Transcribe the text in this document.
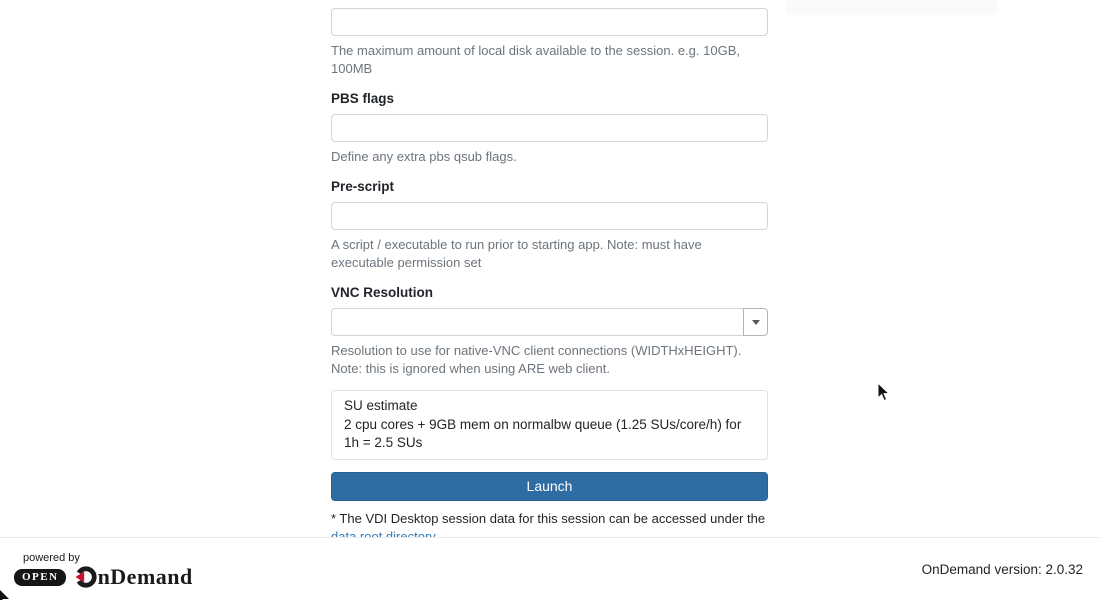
The maximum amount of local disk available to the session. e.g. 10GB, 100MB
PBS flags
Define any extra pbs qsub flags.
Pre-script
A script / executable to run prior to starting app. Note: must have executable permission set
VNC Resolution
Resolution to use for native-VNC client connections (WIDTHxHEIGHT). Note: this is ignored when using ARE web client.
SU estimate
2 cpu cores + 9GB mem on normalbw queue (1.25 SUs/core/h) for 1h = 2.5 SUs
Launch

* The VDI Desktop session data for this session can be accessed under the

powered by
OPEN	nDemand	OnDemand version: 2.0.32
